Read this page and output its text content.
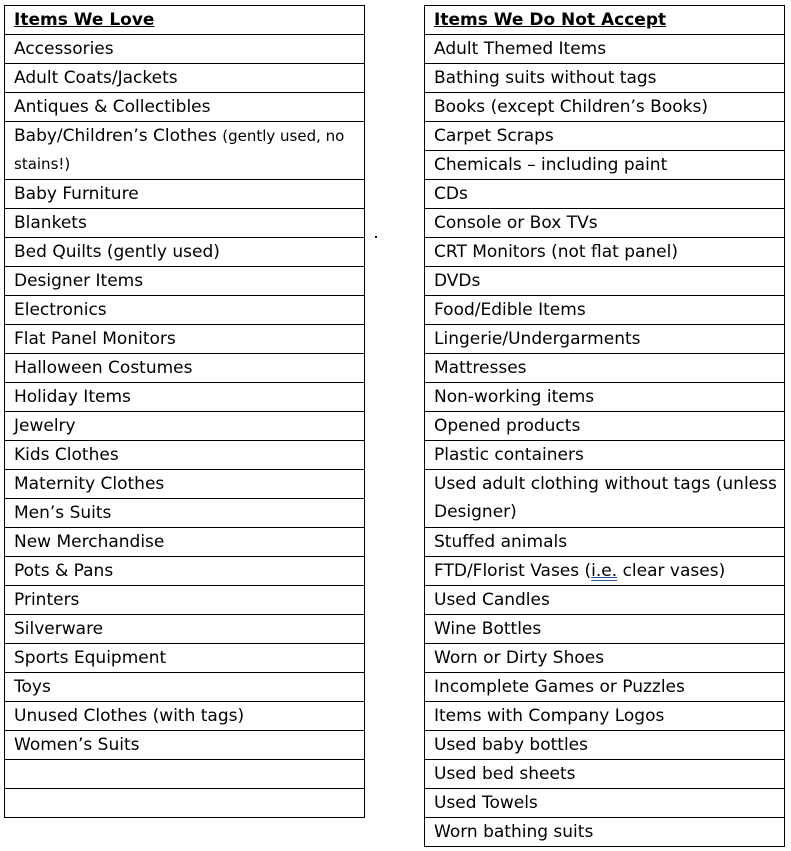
Items We Love
Accessories
Adult Coats/Jackets
Antiques & Collectibles
Baby/Children’s Clothes (gently used, no stains!)
Baby Furniture
Blankets
Bed Quilts (gently used)
Designer Items
Electronics
Flat Panel Monitors
Halloween Costumes
Holiday Items
Jewelry
Kids Clothes
Maternity Clothes
Men’s Suits
New Merchandise
Pots & Pans
Printers
Silverware
Sports Equipment
Toys
Unused Clothes (with tags)
Women’s Suits

Items We Do Not Accept
Adult Themed Items
Bathing suits without tags
Books (except Children’s Books)
Carpet Scraps
Chemicals – including paint
CDs
Console or Box TVs
CRT Monitors (not flat panel)
DVDs
Food/Edible Items
Lingerie/Undergarments
Mattresses
Non-working items
Opened products
Plastic containers
Used adult clothing without tags (unless Designer)
Stuffed animals
FTD/Florist Vases (i.e. clear vases)
Used Candles
Wine Bottles
Worn or Dirty Shoes
Incomplete Games or Puzzles
Items with Company Logos
Used baby bottles
Used bed sheets
Used Towels
Worn bathing suits
